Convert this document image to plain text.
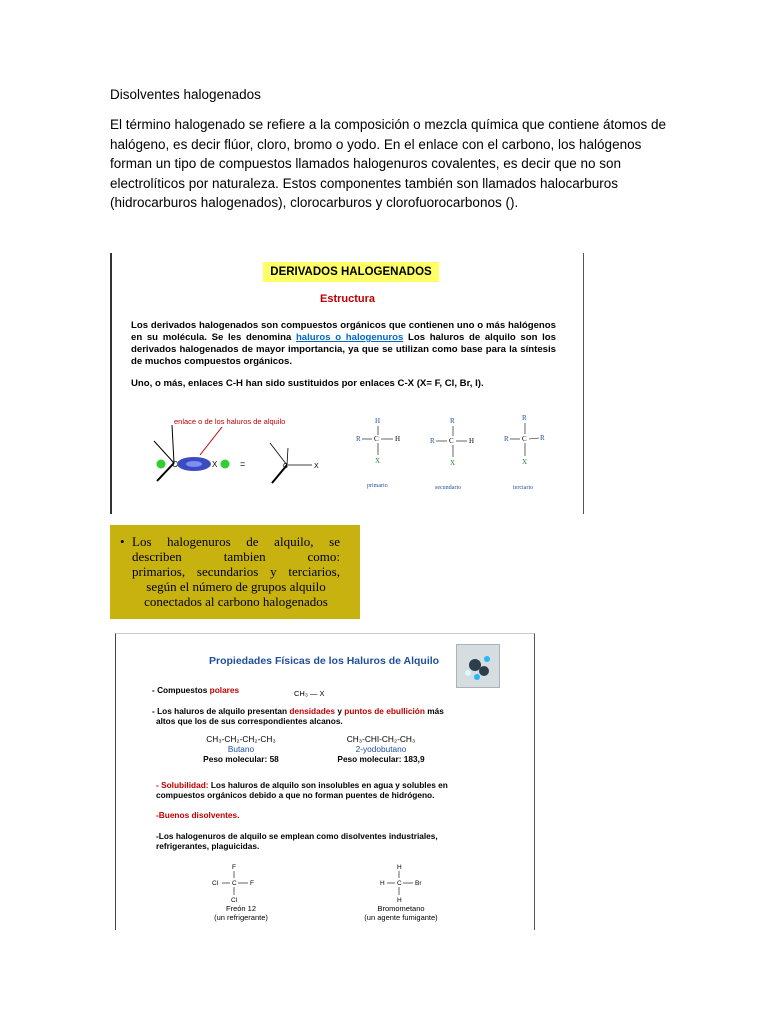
Disolventes halogenados
El término halogenado se refiere a la composición o mezcla química que contiene átomos de
halógeno, es decir flúor, cloro, bromo o yodo. En el enlace con el carbono, los halógenos
forman un tipo de compuestos llamados halogenuros covalentes, es decir que no son
electrolíticos por naturaleza. Estos componentes también son llamados halocarburos
(hidrocarburos halogenados), clorocarburos y clorofuorocarbonos ().
DERIVADOS HALOGENADOS
Estructura
Los derivados halogenados son compuestos orgánicos que contienen uno o más halógenos en su molécula. Se les denomina haluros o halogenuros Los haluros de alquilo son los derivados halogenados de mayor importancia, ya que se utilizan como base para la síntesis de muchos compuestos orgánicos.
Uno, o más, enlaces C-H han sido sustituidos por enlaces C-X (X= F, Cl, Br, I).
enlace o de los haluros de alquilo
C	X	=	C	X
H
R C H
X
R
R C H
X
R
R C R
X
primario	secundario	terciario
• Los halogenuros de alquilo, se
describen tambien como:
primarios, secundarios y terciarios,
según el número de grupos alquilo
conectados al carbono halogenados
Propiedades Físicas de los Haluros de Alquilo
- Compuestos polares	CH₃ — X
- Los haluros de alquilo presentan densidades y puntos de ebullición más
altos que los de sus correspondientes alcanos.
CH₃-CH₂-CH₂-CH₃
Butano
Peso molecular: 58
CH₃-CHI-CH₂-CH₃
2-yodobutano
Peso molecular: 183,9
- Solubilidad: Los haluros de alquilo son insolubles en agua y solubles en
compuestos orgánicos debido a que no forman puentes de hidrógeno.
-Buenos disolventes.
-Los halogenuros de alquilo se emplean como disolventes industriales,
refrigerantes, plaguicidas.
F
Cl C F
Cl
Freón 12
(un refrigerante)
H
H C Br
H
Bromometano
(un agente fumigante)
